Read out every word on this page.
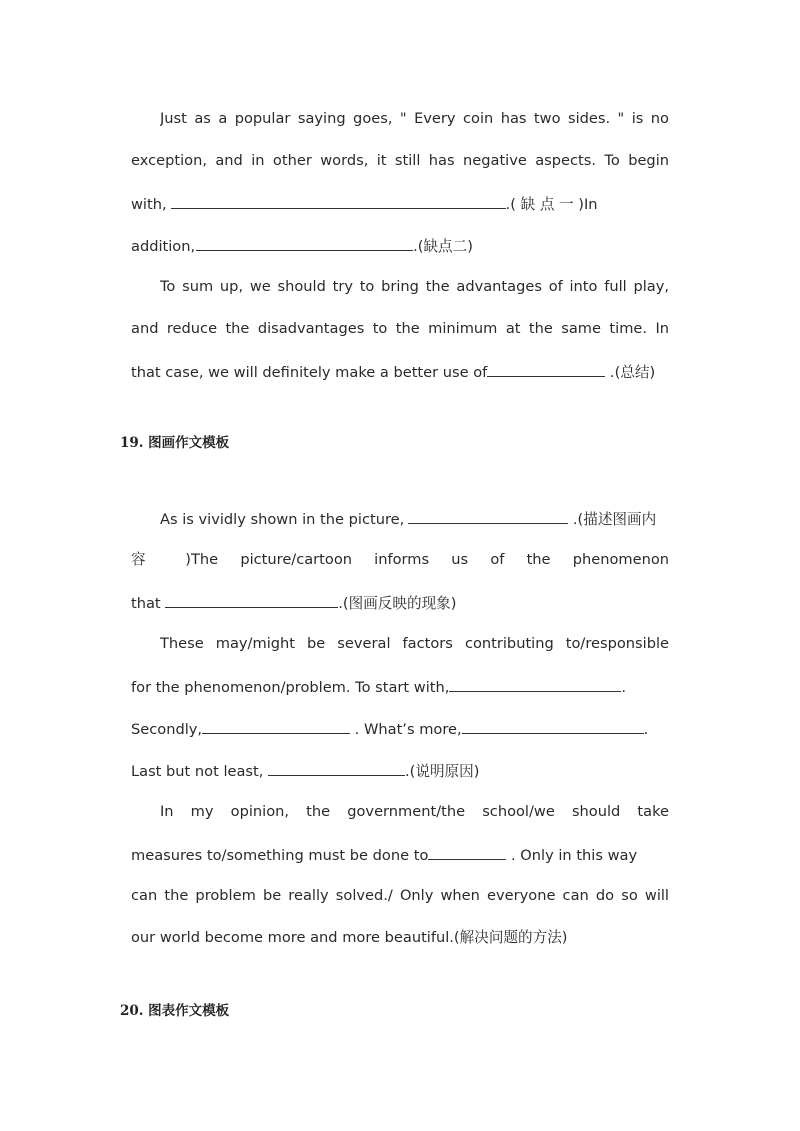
Just as a popular saying goes, " Every coin has two sides. " is no
exception, and in other words, it still has negative aspects. To begin
with,	.( 缺 点 一 )In
addition,	.(缺点二)
To sum up, we should try to bring the advantages of into full play,
and reduce the disadvantages to the minimum at the same time. In
that case, we will definitely make a better use of	.(总结)
19. 图画作文模板
As is vividly shown in the picture,	.(描述图画内
容 )The picture/cartoon informs us of the phenomenon
that	.(图画反映的现象)
These may/might be several factors contributing to/responsible
for the phenomenon/problem. To start with,	.
Secondly,	. What’s more,	.
Last but not least,	.(说明原因)
In my opinion, the government/the school/we should take
measures to/something must be done to	. Only in this way
can the problem be really solved./ Only when everyone can do so will
our world become more and more beautiful.(解决问题的方法)
20. 图表作文模板
